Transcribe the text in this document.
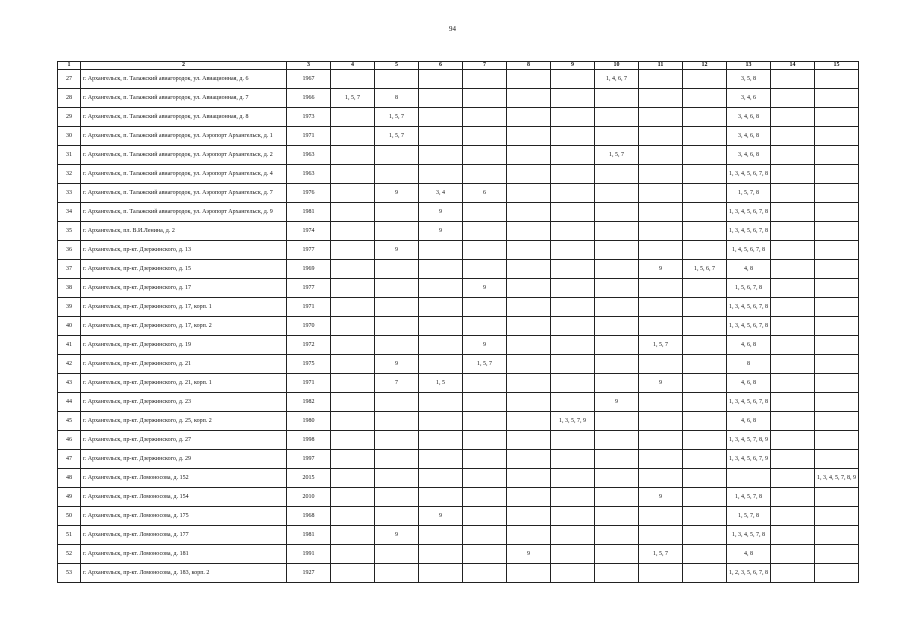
94
1	2	3	4	5	6	7	8	9	10	11	12	13	14	15
27	г. Архангельск, п. Талажский авиагородок, ул. Авиационная, д. 6	1967							1, 4, 6, 7			3, 5, 8		
28	г. Архангельск, п. Талажский авиагородок, ул. Авиационная, д. 7	1966	1, 5, 7	8								3, 4, 6		
29	г. Архангельск, п. Талажский авиагородок, ул. Авиационная, д. 8	1973		1, 5, 7								3, 4, 6, 8		
30	г. Архангельск, п. Талажский авиагородок, ул. Аэропорт Архангельск, д. 1	1971		1, 5, 7								3, 4, 6, 8		
31	г. Архангельск, п. Талажский авиагородок, ул. Аэропорт Архангельск, д. 2	1963							1, 5, 7			3, 4, 6, 8		
32	г. Архангельск, п. Талажский авиагородок, ул. Аэропорт Архангельск, д. 4	1963										1, 3, 4, 5, 6, 7, 8		
33	г. Архангельск, п. Талажский авиагородок, ул. Аэропорт Архангельск, д. 7	1976		9	3, 4	6						1, 5, 7, 8		
34	г. Архангельск, п. Талажский авиагородок, ул. Аэропорт Архангельск, д. 9	1981			9							1, 3, 4, 5, 6, 7, 8		
35	г. Архангельск, пл. В.И.Ленина, д. 2	1974			9							1, 3, 4, 5, 6, 7, 8		
36	г. Архангельск, пр-кт. Дзержинского, д. 13	1977		9								1, 4, 5, 6, 7, 8		
37	г. Архангельск, пр-кт. Дзержинского, д. 15	1969								9	1, 5, 6, 7	4, 8		
38	г. Архангельск, пр-кт. Дзержинского, д. 17	1977				9						1, 5, 6, 7, 8		
39	г. Архангельск, пр-кт. Дзержинского, д. 17, корп. 1	1971										1, 3, 4, 5, 6, 7, 8		
40	г. Архангельск, пр-кт. Дзержинского, д. 17, корп. 2	1970										1, 3, 4, 5, 6, 7, 8		
41	г. Архангельск, пр-кт. Дзержинского, д. 19	1972				9				1, 5, 7		4, 6, 8		
42	г. Архангельск, пр-кт. Дзержинского, д. 21	1975		9		1, 5, 7						8		
43	г. Архангельск, пр-кт. Дзержинского, д. 21, корп. 1	1971		7	1, 5					9		4, 6, 8		
44	г. Архангельск, пр-кт. Дзержинского, д. 23	1982							9			1, 3, 4, 5, 6, 7, 8		
45	г. Архангельск, пр-кт. Дзержинского, д. 25, корп. 2	1980						1, 3, 5, 7, 9				4, 6, 8		
46	г. Архангельск, пр-кт. Дзержинского, д. 27	1998										1, 3, 4, 5, 7, 8, 9		
47	г. Архангельск, пр-кт. Дзержинского, д. 29	1997										1, 3, 4, 5, 6, 7, 9		
48	г. Архангельск, пр-кт. Ломоносова, д. 152	2015												1, 3, 4, 5, 7, 8, 9
49	г. Архангельск, пр-кт. Ломоносова, д. 154	2010								9		1, 4, 5, 7, 8		
50	г. Архангельск, пр-кт. Ломоносова, д. 175	1968			9							1, 5, 7, 8		
51	г. Архангельск, пр-кт. Ломоносова, д. 177	1981		9								1, 3, 4, 5, 7, 8		
52	г. Архангельск, пр-кт. Ломоносова, д. 181	1991					9			1, 5, 7		4, 8		
53	г. Архангельск, пр-кт. Ломоносова, д. 183, корп. 2	1927										1, 2, 3, 5, 6, 7, 8		
